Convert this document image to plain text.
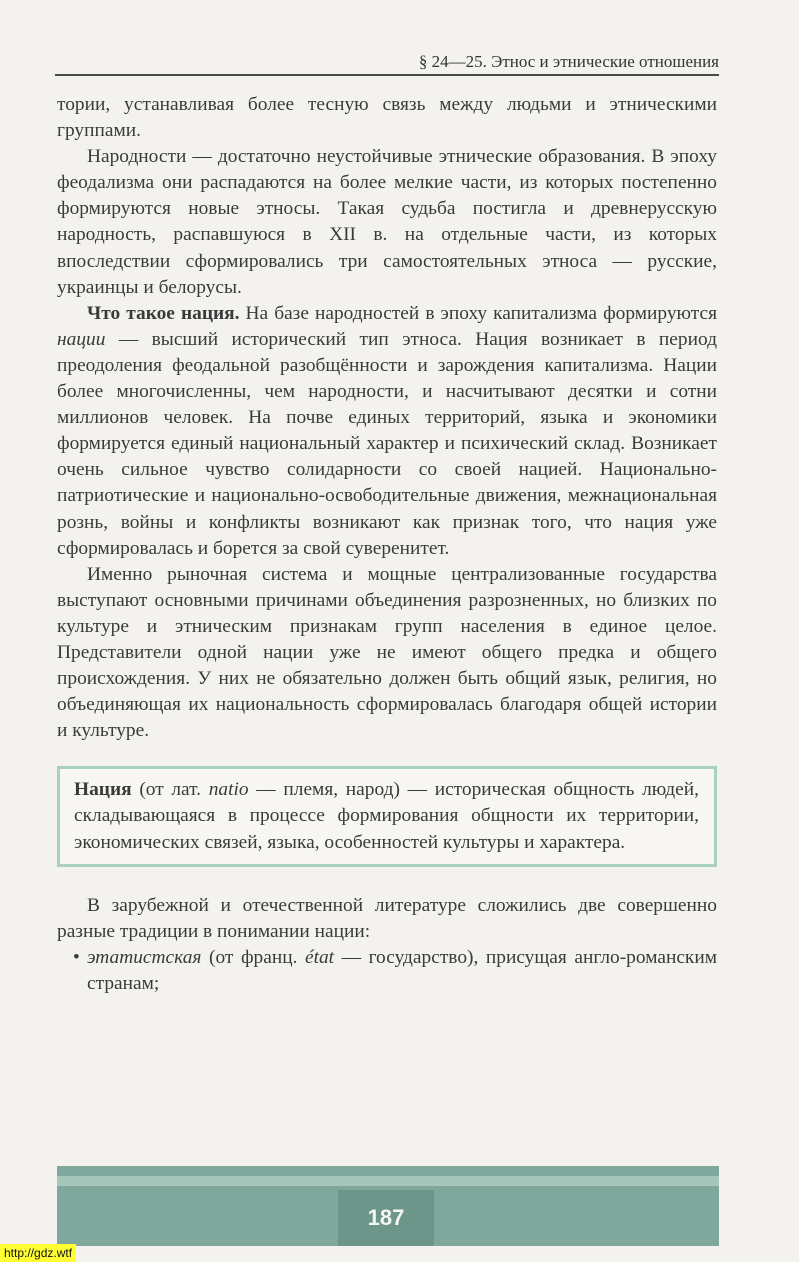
§ 24—25. Этнос и этнические отношения

тории, устанавливая более тесную связь между людьми и этническими группами.

Народности — достаточно неустойчивые этнические образования. В эпоху феодализма они распадаются на более мелкие части, из которых постепенно формируются новые этносы. Такая судьба постигла и древнерусскую народность, распавшуюся в XII в. на отдельные части, из которых впоследствии сформировались три самостоятельных этноса — русские, украинцы и белорусы.

Что такое нация. На базе народностей в эпоху капитализма формируются нации — высший исторический тип этноса. Нация возникает в период преодоления феодальной разобщённости и зарождения капитализма. Нации более многочисленны, чем народности, и насчитывают десятки и сотни миллионов человек. На почве единых территорий, языка и экономики формируется единый национальный характер и психический склад. Возникает очень сильное чувство солидарности со своей нацией. Национально-патриотические и национально-освободительные движения, межнациональная рознь, войны и конфликты возникают как признак того, что нация уже сформировалась и борется за свой суверенитет.

Именно рыночная система и мощные централизованные государства выступают основными причинами объединения разрозненных, но близких по культуре и этническим признакам групп населения в единое целое. Представители одной нации уже не имеют общего предка и общего происхождения. У них не обязательно должен быть общий язык, религия, но объединяющая их национальность сформировалась благодаря общей истории и культуре.

Нация (от лат. natio — племя, народ) — историческая общность людей, складывающаяся в процессе формирования общности их территории, экономических связей, языка, особенностей культуры и характера.

В зарубежной и отечественной литературе сложились две совершенно разные традиции в понимании нации:

• этатистская (от франц. état — государство), присущая англо-романским странам;
187
http://gdz.wtf
